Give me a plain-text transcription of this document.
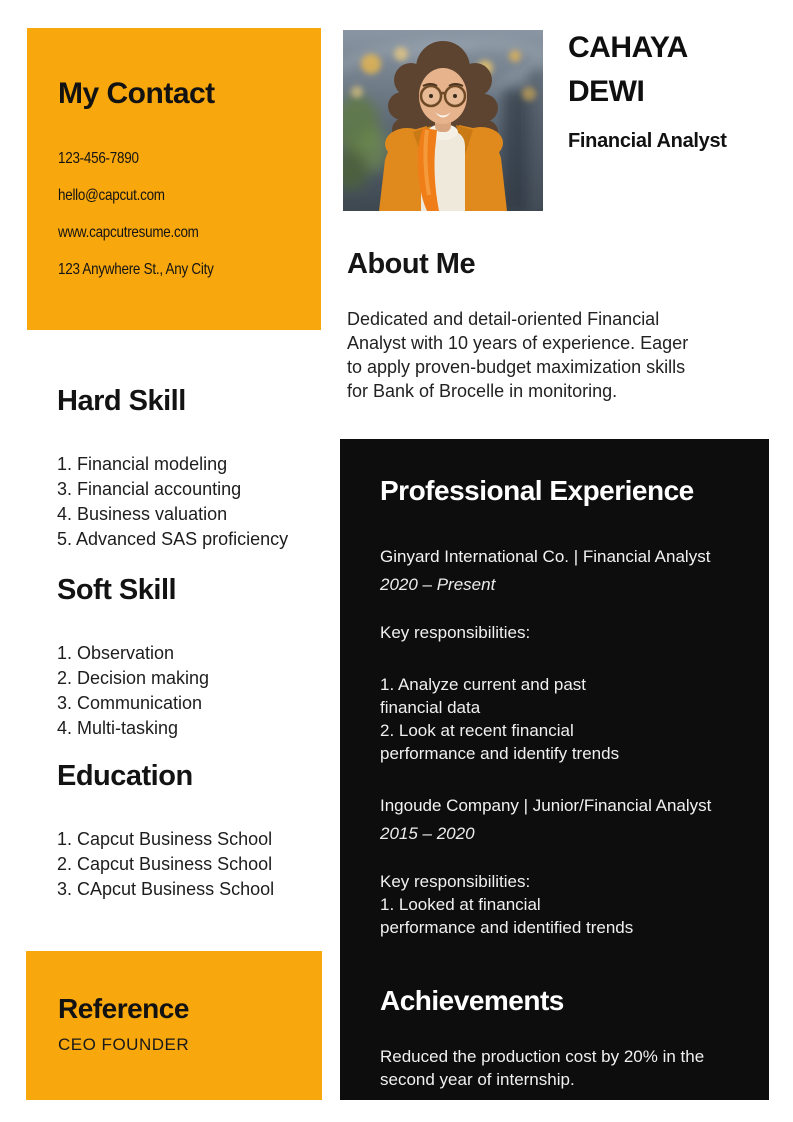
My Contact
123-456-7890
hello@capcut.com
www.capcutresume.com
123 Anywhere St., Any City
Hard Skill
1. Financial modeling
3. Financial accounting
4. Business valuation
5. Advanced SAS proficiency
Soft Skill
1. Observation
2. Decision making
3. Communication
4. Multi-tasking
Education
1. Capcut Business School
2. Capcut Business School
3. CApcut Business School
Reference

CEO FOUNDER

CAHAYA DEWI

Financial Analyst

About Me

Dedicated and detail-oriented Financial
Analyst with 10 years of experience. Eager
to apply proven-budget maximization skills
for Bank of Brocelle in monitoring.

Professional Experience

Ginyard International Co. | Financial Analyst

2020 – Present

Key responsibilities:

1. Analyze current and past
financial data
2. Look at recent financial
performance and identify trends

Ingoude Company | Junior/Financial Analyst

2015 – 2020

Key responsibilities:

1. Looked at financial
performance and identified trends

Achievements

Reduced the production cost by 20% in the
second year of internship.
